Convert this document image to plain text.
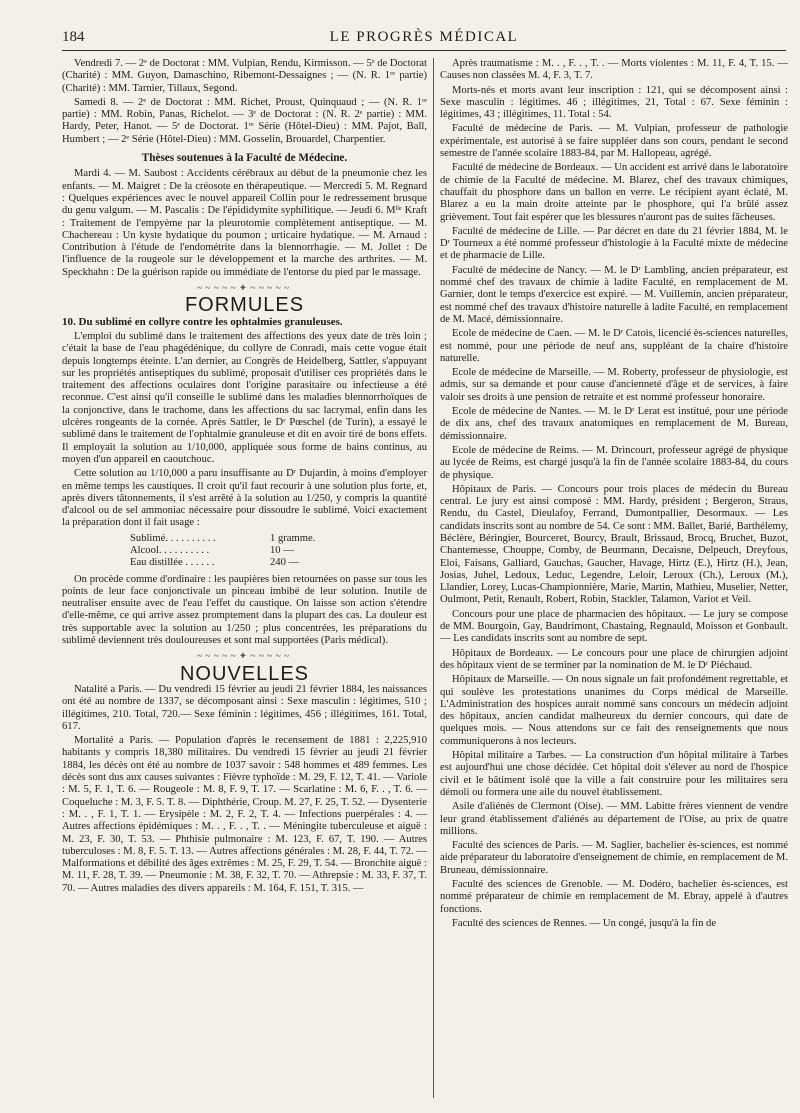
184	LE PROGRÈS MÉDICAL

Vendredi 7. — 2ᵉ de Doctorat : MM. Vulpian, Rendu, Kirmisson. — 5ᵉ de Doctorat (Charité) : MM. Guyon, Damaschino, Ribemont-Dessaignes ; — (N. R. 1ʳᵉ partie) (Charité) : MM. Tarnier, Tillaux, Segond.

Samedi 8. — 2ᵉ de Doctorat : MM. Richet, Proust, Quinquaud ; — (N. R. 1ʳᵉ partie) : MM. Robin, Panas, Richelot. — 3ᵉ de Doctorat : (N. R. 2ᵉ partie) : MM. Hardy, Peter, Hanot. — 5ᵉ de Doctorat. 1ʳᵉ Série (Hôtel-Dieu) : MM. Pajot, Ball, Humbert ; — 2ᵉ Série (Hôtel-Dieu) : MM. Gosselin, Brouardel, Charpentier.

Thèses soutenues à la Faculté de Médecine.

Mardi 4. — M. Saubost : Accidents cérébraux au début de la pneumonie chez les enfants. — M. Maigret : De la créosote en thérapeutique. — Mercredi 5. M. Regnard : Quelques expériences avec le nouvel appareil Collin pour le redressement brusque du genu valgum. — M. Pascalis : De l'épididymite syphilitique. — Jeudi 6. Mˡˡᵉ Kraft : Traitement de l'empyème par la pleurotomie complètement antiseptique. — M. Chachereau : Un kyste hydatique du poumon ; urticaire hydatique. — M. Arnaud : Contribution à l'étude de l'endométrite dans la blennorrhagie. — M. Jollet : De l'influence de la rougeole sur le développement et la marche des arthrites. — M. Speckhahn : De la guérison rapide ou immédiate de l'entorse du pied par le massage.

~~~~~✦~~~~~
FORMULES

10. Du sublimé en collyre contre les ophtalmies granuleuses.

L'emploi du sublimé dans le traitement des affections des yeux date de très loin ; c'était la base de l'eau phagédénique, du collyre de Conradi, mais cette vogue était depuis longtemps éteinte. L'an dernier, au Congrès de Heidelberg, Sattler, s'appuyant sur les propriétés antiseptiques du sublimé, proposait d'utiliser ces propriétés dans le traitement des affections oculaires dont l'origine parasitaire ou infectieuse a été reconnue. C'est ainsi qu'il conseille le sublimé dans les maladies blennorrhoïques de la conjonctive, dans le trachome, dans les affections du sac lacrymal, enfin dans les ulcères rongeants de la cornée. Après Sattler, le Dʳ Pœschel (de Turin), a essayé le sublimé dans le traitement de l'ophtalmie granuleuse et dit en avoir tiré de bons effets. Il employait la solution au 1/10,000, appliquée sous forme de bains continus, au moyen d'un appareil en caoutchouc.

Cette solution au 1/10,000 a paru insuffisante au Dʳ Dujardin, à moins d'employer en même temps les caustiques. Il croit qu'il faut recourir à une solution plus forte, et, après divers tâtonnements, il s'est arrêté à la solution au 1/250, y compris la quantité d'alcool ou de sel ammoniac nécessaire pour dissoudre le sublimé. Voici exactement la préparation dont il fait usage :

Sublimé. . . . . . . . . .	1 gramme.
Alcool. . . . . . . . . .	10 —
Eau distillée . . . . . .	240 —

On procède comme d'ordinaire : les paupières bien retournées on passe sur tous les points de leur face conjonctivale un pinceau imbibé de leur solution. Inutile de neutraliser ensuite avec de l'eau l'effet du caustique. On laisse son action s'étendre d'elle-même, ce qui arrive assez promptement dans la plupart des cas. La douleur est très supportable avec la solution au 1/250 ; plus concentrées, les préparations du sublimé deviennent très douloureuses et sont mal supportées (Paris médical).

~~~~~✦~~~~~
NOUVELLES

Natalité a Paris. — Du vendredi 15 février au jeudi 21 février 1884, les naissances ont été au nombre de 1337, se décomposant ainsi : Sexe masculin : légitimes, 510 ; illégitimes, 210. Total, 720.— Sexe féminin : légitimes, 456 ; illégitimes, 161. Total, 617.

Mortalité a Paris. — Population d'après le recensement de 1881 : 2,225,910 habitants y compris 18,380 militaires. Du vendredi 15 février au jeudi 21 février 1884, les décès ont été au nombre de 1037 savoir : 548 hommes et 489 femmes. Les décès sont dus aux causes suivantes : Fièvre typhoïde : M. 29, F. 12, T. 41. — Variole : M. 5, F. 1, T. 6. — Rougeole : M. 8, F. 9, T. 17. — Scarlatine : M. 6, F. . , T. 6. — Coqueluche : M. 3, F. 5. T. 8. — Diphthérie, Croup. M. 27, F. 25, T. 52. — Dysenterie : M. . , F. 1, T. 1. — Erysipèle : M. 2, F. 2, T. 4. — Infections puerpérales : 4. — Autres affections épidémiques : M. . , F. . , T. . — Méningite tuberculeuse et aiguë : M. 23, F. 30, T. 53. — Phthisie pulmonaire : M. 123, F. 67, T. 190. — Autres tuberculoses : M. 8, F. 5. T. 13. — Autres affections générales : M. 28, F. 44, T. 72. — Malformations et débilité des âges extrêmes : M. 25, F. 29, T. 54. — Bronchite aiguë : M. 11, F. 28, T. 39. — Pneumonie : M. 38, F. 32, T. 70. — Athrepsie : M. 33, F. 37, T. 70. — Autres maladies des divers appareils : M. 164, F. 151, T. 315. —

Après traumatisme : M. . , F. . , T. . — Morts violentes : M. 11, F. 4, T. 15. — Causes non classées M. 4, F. 3, T. 7.

Morts-nés et morts avant leur inscription : 121, qui se décomposent ainsi : Sexe masculin : légitimes. 46 ; illégitimes, 21, Total : 67. Sexe féminin : légitimes, 43 ; illégitimes, 11. Total : 54.

Faculté de médecine de Paris. — M. Vulpian, professeur de pathologie expérimentale, est autorisé à se faire suppléer dans son cours, pendant le second semestre de l'année scolaire 1883-84, par M. Hallopeau, agrégé.

Faculté de médecine de Bordeaux. — Un accident est arrivé dans le laboratoire de chimie de la Faculté de médecine. M. Blarez, chef des travaux chimiques, chauffait du phosphore dans un ballon en verre. Le récipient ayant éclaté, M. Blarez a eu la main droite atteinte par le phosphore, qui l'a brûlé assez grièvement. Tout fait espérer que les blessures n'auront pas de suites fâcheuses.

Faculté de médecine de Lille. — Par décret en date du 21 février 1884, M. le Dʳ Tourneux a été nommé professeur d'histologie à la Faculté mixte de médecine et de pharmacie de Lille.

Faculté de médecine de Nancy. — M. le Dʳ Lambling, ancien préparateur, est nommé chef des travaux de chimie à ladite Faculté, en remplacement de M. Garnier, dont le temps d'exercice est expiré. — M. Vuillemin, ancien préparateur, est nommé chef des travaux d'histoire naturelle à ladite Faculté, en remplacement de M. Macé, démissionnaire.

Ecole de médecine de Caen. — M. le Dʳ Catois, licencié ès-sciences naturelles, est nommé, pour une période de neuf ans, suppléant de la chaire d'histoire naturelle.

Ecole de médecine de Marseille. — M. Roberty, professeur de physiologie, est admis, sur sa demande et pour cause d'ancienneté d'âge et de services, à faire valoir ses droits à une pension de retraite et est nommé professeur honoraire.

Ecole de médecine de Nantes. — M. le Dʳ Lerat est institué, pour une période de dix ans, chef des travaux anatomiques en remplacement de M. Bureau, démissionnaire.

Ecole de médecine de Reims. — M. Drincourt, professeur agrégé de physique au lycée de Reims, est chargé jusqu'à la fin de l'année scolaire 1883-84, du cours de physique.

Hôpitaux de Paris. — Concours pour trois places de médecin du Bureau central. Le jury est ainsi composé : MM. Hardy, président ; Bergeron, Straus, Rendu, du Castel, Dieulafoy, Ferrand, Dumontpallier, Desormaux. — Les candidats inscrits sont au nombre de 54. Ce sont : MM. Ballet, Barié, Barthélemy, Béclère, Béringier, Bourceret, Bourcy, Brault, Brissaud, Brocq, Bruchet, Buzot, Chantemesse, Chouppe, Comby, de Beurmann, Decaisne, Delpeuch, Dreyfous, Eloi, Faisans, Galliard, Gauchas, Gaucher, Havage, Hirtz (E.), Hirtz (H.), Jean, Josias, Juhel, Ledoux, Leduc, Legendre, Leloir, Leroux (Ch.), Leroux (M.), Llandier, Lorey, Lucas-Championnière, Marie, Martin, Mathieu, Muselier, Netter, Oulmont, Petit, Renault, Robert, Robin, Stackler, Talamon, Variot et Veil.

Concours pour une place de pharmacien des hôpitaux. — Le jury se compose de MM. Bourgoin, Gay, Baudrimont, Chastaing, Regnauld, Moisson et Gonbault. — Les candidats inscrits sont au nombre de sept.

Hôpitaux de Bordeaux. — Le concours pour une place de chirurgien adjoint des hôpitaux vient de se terminer par la nomination de M. le Dʳ Piéchaud.

Hôpitaux de Marseille. — On nous signale un fait profondément regrettable, et qui soulève les protestations unanimes du Corps médical de Marseille. L'Administration des hospices aurait nommé sans concours un médecin adjoint des hôpitaux, ancien candidat malheureux du dernier concours, qui date de quelques mois. — Nous attendons sur ce fait des renseignements que nous communiquerons à nos lecteurs.

Hôpital militaire a Tarbes. — La construction d'un hôpital militaire à Tarbes est aujourd'hui une chose décidée. Cet hôpital doit s'élever au nord de l'hospice civil et le bâtiment isolé que la ville a fait construire pour les militaires sera démoli ou formera une aile du nouvel établissement.

Asile d'aliénés de Clermont (Oise). — MM. Labitte frères viennent de vendre leur grand établissement d'aliénés au département de l'Oise, au prix de quatre millions.

Faculté des sciences de Paris. — M. Saglier, bachelier ès-sciences, est nommé aide préparateur du laboratoire d'enseignement de chimie, en remplacement de M. Bruneau, démissionnaire.

Faculté des sciences de Grenoble. — M. Dodéro, bachelier ès-sciences, est nommé préparateur de chimie en remplacement de M. Ebray, appelé à d'autres fonctions.

Faculté des sciences de Rennes. — Un congé, jusqu'à la fin de
